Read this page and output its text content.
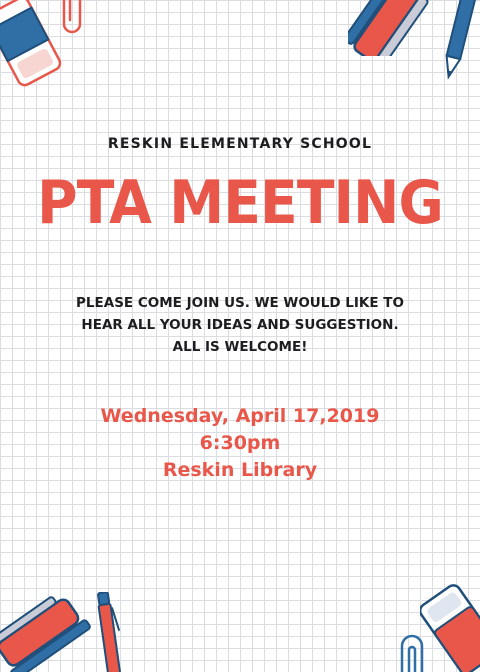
RESKIN ELEMENTARY SCHOOL
PTA MEETING
PLEASE COME JOIN US. WE WOULD LIKE TO
HEAR ALL YOUR IDEAS AND SUGGESTION.
ALL IS WELCOME!
Wednesday, April 17,2019
6:30pm
Reskin Library
